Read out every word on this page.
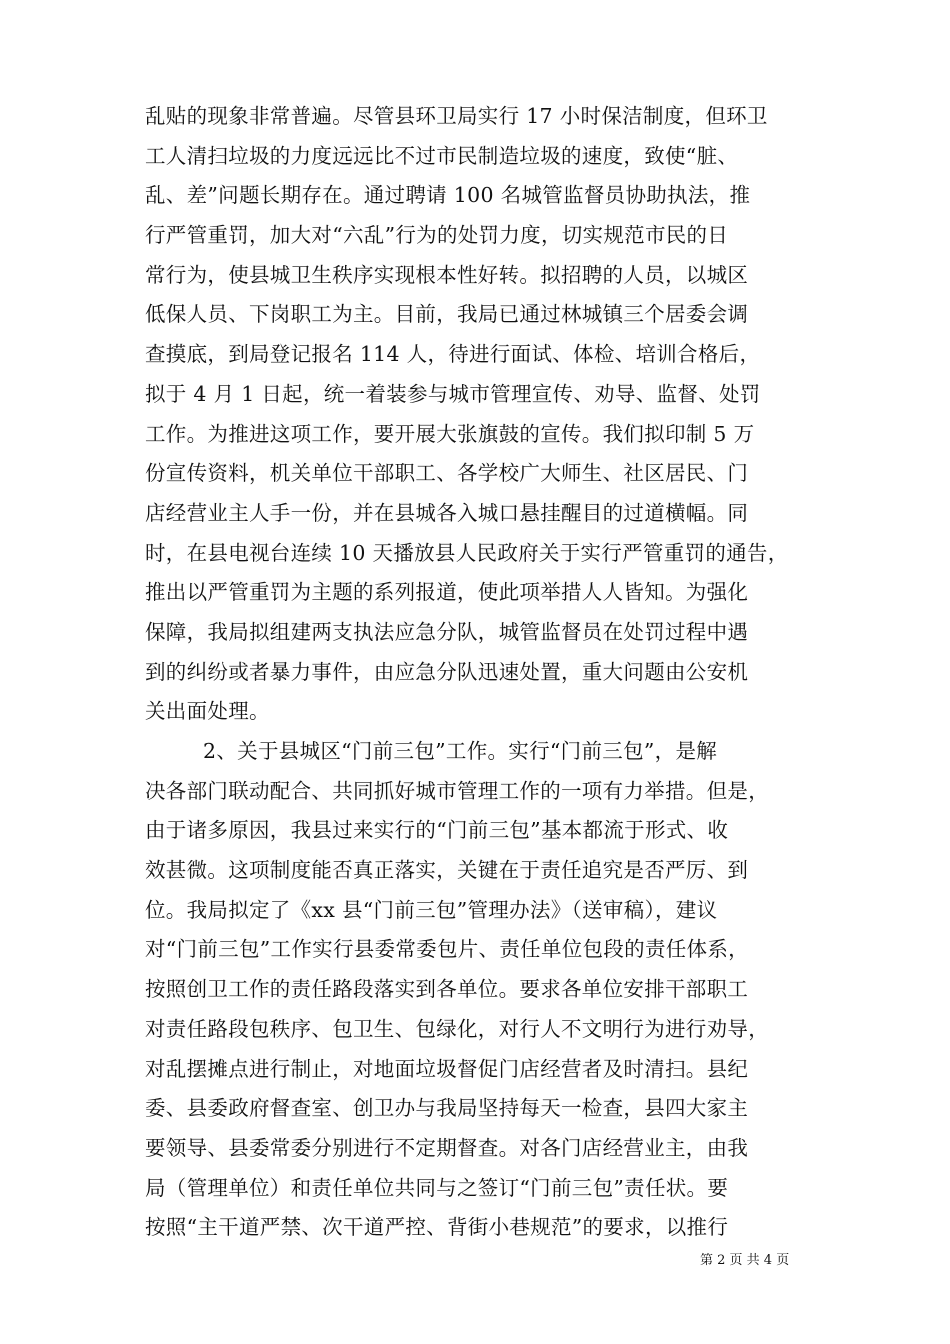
乱贴的现象非常普遍。尽管县环卫局实行 17 小时保洁制度，但环卫
工人清扫垃圾的力度远远比不过市民制造垃圾的速度，致使“脏、
乱、差”问题长期存在。通过聘请 100 名城管监督员协助执法，推
行严管重罚，加大对“六乱”行为的处罚力度，切实规范市民的日
常行为，使县城卫生秩序实现根本性好转。拟招聘的人员，以城区
低保人员、下岗职工为主。目前，我局已通过林城镇三个居委会调
查摸底，到局登记报名 114 人，待进行面试、体检、培训合格后，
拟于 4 月 1 日起，统一着装参与城市管理宣传、劝导、监督、处罚
工作。为推进这项工作，要开展大张旗鼓的宣传。我们拟印制 5 万
份宣传资料，机关单位干部职工、各学校广大师生、社区居民、门
店经营业主人手一份，并在县城各入城口悬挂醒目的过道横幅。同
时，在县电视台连续 10 天播放县人民政府关于实行严管重罚的通告，
推出以严管重罚为主题的系列报道，使此项举措人人皆知。为强化
保障，我局拟组建两支执法应急分队，城管监督员在处罚过程中遇
到的纠纷或者暴力事件，由应急分队迅速处置，重大问题由公安机
关出面处理。
2、关于县城区“门前三包”工作。实行“门前三包”，是解
决各部门联动配合、共同抓好城市管理工作的一项有力举措。但是，
由于诸多原因，我县过来实行的“门前三包”基本都流于形式、收
效甚微。这项制度能否真正落实，关键在于责任追究是否严厉、到
位。我局拟定了《xx 县“门前三包”管理办法》（送审稿），建议
对“门前三包”工作实行县委常委包片、责任单位包段的责任体系，
按照创卫工作的责任路段落实到各单位。要求各单位安排干部职工
对责任路段包秩序、包卫生、包绿化，对行人不文明行为进行劝导，
对乱摆摊点进行制止，对地面垃圾督促门店经营者及时清扫。县纪
委、县委政府督查室、创卫办与我局坚持每天一检查，县四大家主
要领导、县委常委分别进行不定期督查。对各门店经营业主，由我
局（管理单位）和责任单位共同与之签订“门前三包”责任状。要
按照“主干道严禁、次干道严控、背街小巷规范”的要求，以推行
第 2 页 共 4 页
